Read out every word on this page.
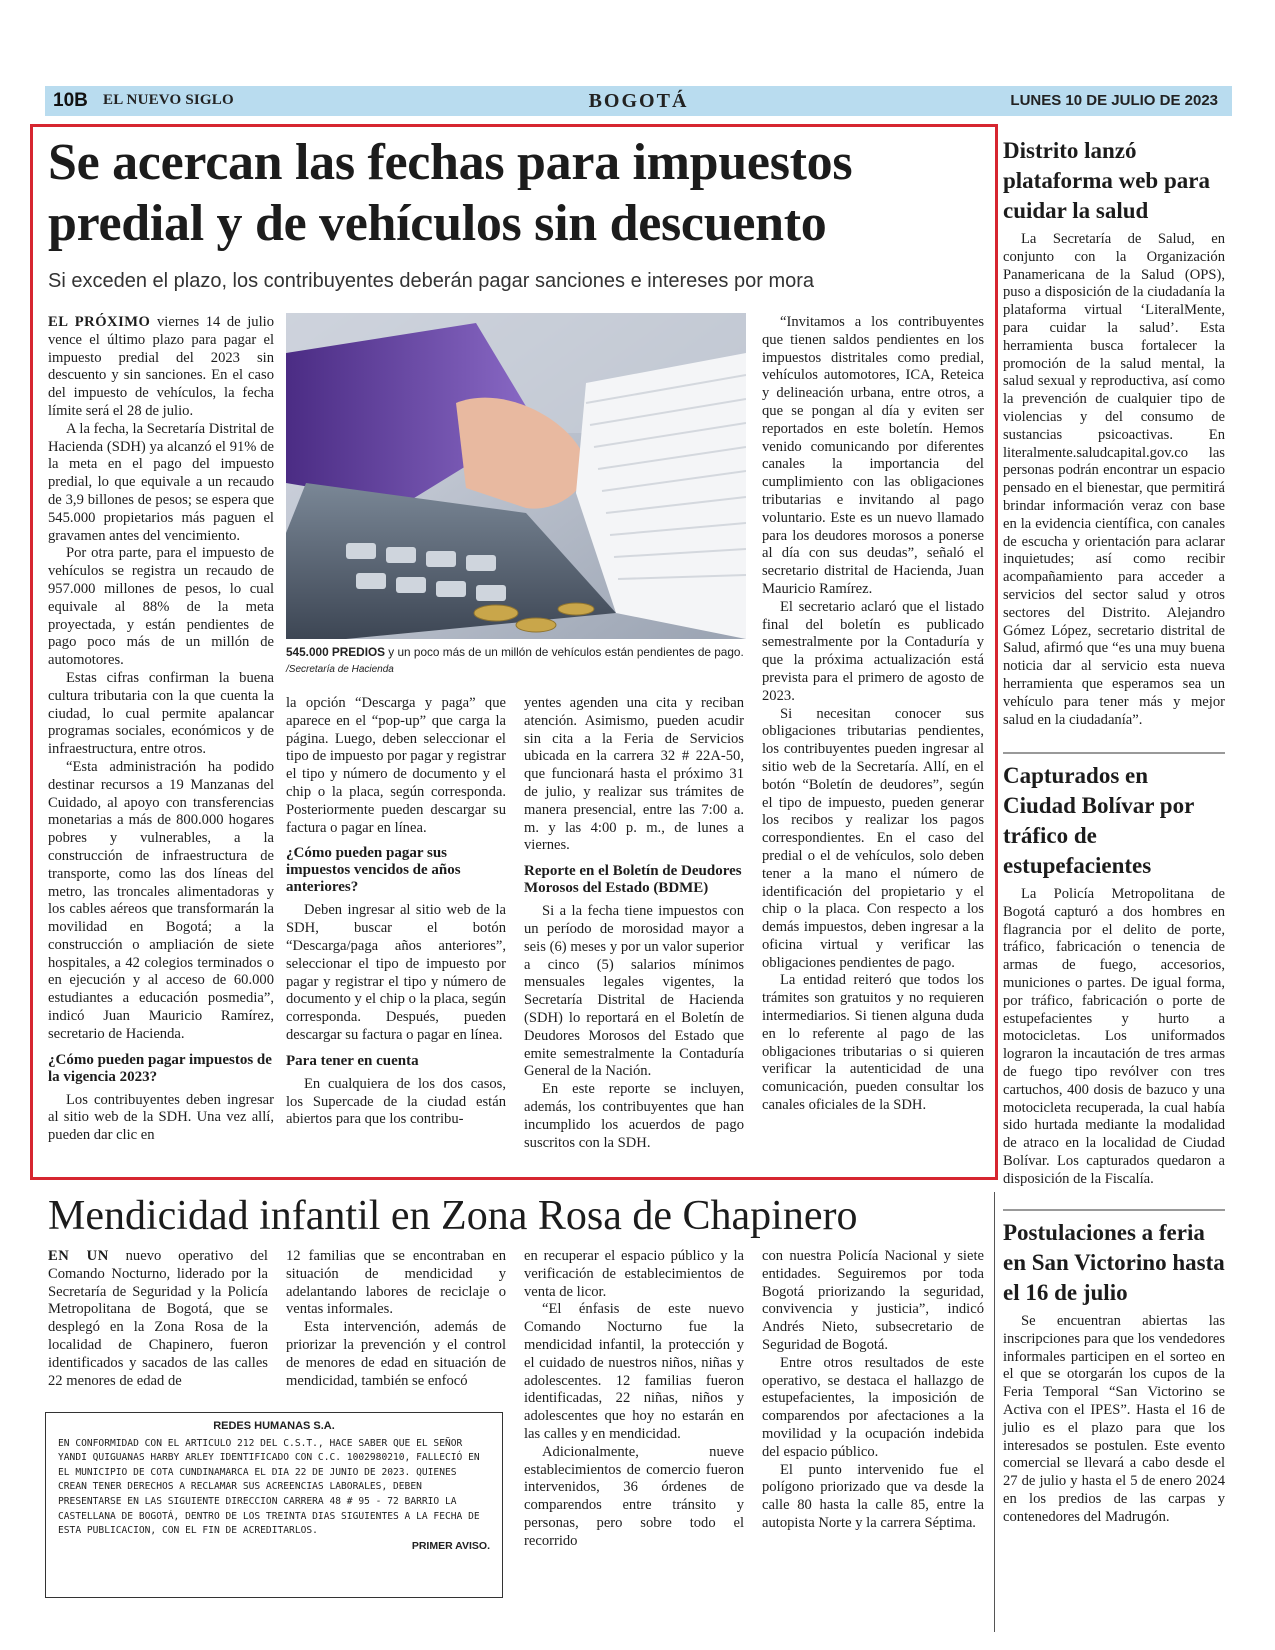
10B EL NUEVO SIGLO	BOGOTÁ	LUNES 10 DE JULIO DE 2023
Se acercan las fechas para impuestos
predial y de vehículos sin descuento
Si exceden el plazo, los contribuyentes deberán pagar sanciones e intereses por mora

EL PRÓXIMO viernes 14 de julio vence el último plazo para pagar el impuesto predial del 2023 sin descuento y sin sanciones. En el caso del impuesto de vehículos, la fecha límite será el 28 de julio.

A la fecha, la Secretaría Distrital de Hacienda (SDH) ya alcanzó el 91% de la meta en el pago del impuesto predial, lo que equivale a un recaudo de 3,9 billones de pesos; se espera que 545.000 propietarios más paguen el gravamen antes del vencimiento.

Por otra parte, para el impuesto de vehículos se registra un recaudo de 957.000 millones de pesos, lo cual equivale al 88% de la meta proyectada, y están pendientes de pago poco más de un millón de automotores.

Estas cifras confirman la buena cultura tributaria con la que cuenta la ciudad, lo cual permite apalancar programas sociales, económicos y de infraestructura, entre otros.

“Esta administración ha podido destinar recursos a 19 Manzanas del Cuidado, al apoyo con transferencias monetarias a más de 800.000 hogares pobres y vulnerables, a la construcción de infraestructura de transporte, como las dos líneas del metro, las troncales alimentadoras y los cables aéreos que transformarán la movilidad en Bogotá; a la construcción o ampliación de siete hospitales, a 42 colegios terminados o en ejecución y al acceso de 60.000 estudiantes a educación posmedia”, indicó Juan Mauricio Ramírez, secretario de Hacienda.

¿Cómo pueden pagar impuestos de la vigencia 2023?

Los contribuyentes deben ingresar al sitio web de la SDH. Una vez allí, pueden dar clic en

545.000 PREDIOS y un poco más de un millón de vehículos están pendientes de pago. /Secretaría de Hacienda

la opción “Descarga y paga” que aparece en el “pop-up” que carga la página. Luego, deben seleccionar el tipo de impuesto por pagar y registrar el tipo y número de documento y el chip o la placa, según corresponda. Posteriormente pueden descargar su factura o pagar en línea.

¿Cómo pueden pagar sus impuestos vencidos de años anteriores?

Deben ingresar al sitio web de la SDH, buscar el botón “Descarga/paga años anteriores”, seleccionar el tipo de impuesto por pagar y registrar el tipo y número de documento y el chip o la placa, según corresponda. Después, pueden descargar su factura o pagar en línea.

Para tener en cuenta

En cualquiera de los dos casos, los Supercade de la ciudad están abiertos para que los contribu-

yentes agenden una cita y reciban atención. Asimismo, pueden acudir sin cita a la Feria de Servicios ubicada en la carrera 32 # 22A-50, que funcionará hasta el próximo 31 de julio, y realizar sus trámites de manera presencial, entre las 7:00 a. m. y las 4:00 p. m., de lunes a viernes.

Reporte en el Boletín de Deudores Morosos del Estado (BDME)

Si a la fecha tiene impuestos con un período de morosidad mayor a seis (6) meses y por un valor superior a cinco (5) salarios mínimos mensuales legales vigentes, la Secretaría Distrital de Hacienda (SDH) lo reportará en el Boletín de Deudores Morosos del Estado que emite semestralmente la Contaduría General de la Nación.

En este reporte se incluyen, además, los contribuyentes que han incumplido los acuerdos de pago suscritos con la SDH.

“Invitamos a los contribuyentes que tienen saldos pendientes en los impuestos distritales como predial, vehículos automotores, ICA, Reteica y delineación urbana, entre otros, a que se pongan al día y eviten ser reportados en este boletín. Hemos venido comunicando por diferentes canales la importancia del cumplimiento con las obligaciones tributarias e invitando al pago voluntario. Este es un nuevo llamado para los deudores morosos a ponerse al día con sus deudas”, señaló el secretario distrital de Hacienda, Juan Mauricio Ramírez.

El secretario aclaró que el listado final del boletín es publicado semestralmente por la Contaduría y que la próxima actualización está prevista para el primero de agosto de 2023.

Si necesitan conocer sus obligaciones tributarias pendientes, los contribuyentes pueden ingresar al sitio web de la Secretaría. Allí, en el botón “Boletín de deudores”, según el tipo de impuesto, pueden generar los recibos y realizar los pagos correspondientes. En el caso del predial o el de vehículos, solo deben tener a la mano el número de identificación del propietario y el chip o la placa. Con respecto a los demás impuestos, deben ingresar a la oficina virtual y verificar las obligaciones pendientes de pago.

La entidad reiteró que todos los trámites son gratuitos y no requieren intermediarios. Si tienen alguna duda en lo referente al pago de las obligaciones tributarias o si quieren verificar la autenticidad de una comunicación, pueden consultar los canales oficiales de la SDH.

Distrito lanzó plataforma web para cuidar la salud

La Secretaría de Salud, en conjunto con la Organización Panamericana de la Salud (OPS), puso a disposición de la ciudadanía la plataforma virtual ‘LiteralMente, para cuidar la salud’. Esta herramienta busca fortalecer la promoción de la salud mental, la salud sexual y reproductiva, así como la prevención de cualquier tipo de violencias y del consumo de sustancias psicoactivas. En literalmente.saludcapital.gov.co las personas podrán encontrar un espacio pensado en el bienestar, que permitirá brindar información veraz con base en la evidencia científica, con canales de escucha y orientación para aclarar inquietudes; así como recibir acompañamiento para acceder a servicios del sector salud y otros sectores del Distrito. Alejandro Gómez López, secretario distrital de Salud, afirmó que “es una muy buena noticia dar al servicio esta nueva herramienta que esperamos sea un vehículo para tener más y mejor salud en la ciudadanía”.

Capturados en Ciudad Bolívar por tráfico de estupefacientes

La Policía Metropolitana de Bogotá capturó a dos hombres en flagrancia por el delito de porte, tráfico, fabricación o tenencia de armas de fuego, accesorios, municiones o partes. De igual forma, por tráfico, fabricación o porte de estupefacientes y hurto a motocicletas. Los uniformados lograron la incautación de tres armas de fuego tipo revólver con tres cartuchos, 400 dosis de bazuco y una motocicleta recuperada, la cual había sido hurtada mediante la modalidad de atraco en la localidad de Ciudad Bolívar. Los capturados quedaron a disposición de la Fiscalía.

Postulaciones a feria en San Victorino hasta el 16 de julio

Se encuentran abiertas las inscripciones para que los vendedores informales participen en el sorteo en el que se otorgarán los cupos de la Feria Temporal “San Victorino se Activa con el IPES”. Hasta el 16 de julio es el plazo para que los interesados se postulen. Este evento comercial se llevará a cabo desde el 27 de julio y hasta el 5 de enero 2024 en los predios de las carpas y contenedores del Madrugón.

Mendicidad infantil en Zona Rosa de Chapinero

EN UN nuevo operativo del Comando Nocturno, liderado por la Secretaría de Seguridad y la Policía Metropolitana de Bogotá, que se desplegó en la Zona Rosa de la localidad de Chapinero, fueron identificados y sacados de las calles 22 menores de edad de

12 familias que se encontraban en situación de mendicidad y adelantando labores de reciclaje o ventas informales.

Esta intervención, además de priorizar la prevención y el control de menores de edad en situación de mendicidad, también se enfocó

en recuperar el espacio público y la verificación de establecimientos de venta de licor.

“El énfasis de este nuevo Comando Nocturno fue la mendicidad infantil, la protección y el cuidado de nuestros niños, niñas y adolescentes. 12 familias fueron identificadas, 22 niñas, niños y adolescentes que hoy no estarán en las calles y en mendicidad.

Adicionalmente, nueve establecimientos de comercio fueron intervenidos, 36 órdenes de comparendos entre tránsito y personas, pero sobre todo el recorrido

con nuestra Policía Nacional y siete entidades. Seguiremos por toda Bogotá priorizando la seguridad, convivencia y justicia”, indicó Andrés Nieto, subsecretario de Seguridad de Bogotá.

Entre otros resultados de este operativo, se destaca el hallazgo de estupefacientes, la imposición de comparendos por afectaciones a la movilidad y la ocupación indebida del espacio público.

El punto intervenido fue el polígono priorizado que va desde la calle 80 hasta la calle 85, entre la autopista Norte y la carrera Séptima.

REDES HUMANAS S.A.
EN CONFORMIDAD CON EL ARTICULO 212 DEL C.S.T., HACE SABER QUE EL SEÑOR YANDI QUIGUANAS HARBY ARLEY IDENTIFICADO CON C.C. 1002980210, FALLECIÓ EN EL MUNICIPIO DE COTA CUNDINAMARCA EL DIA 22 DE JUNIO DE 2023. QUIENES CREAN TENER DERECHOS A RECLAMAR SUS ACREENCIAS LABORALES, DEBEN PRESENTARSE EN LAS SIGUIENTE DIRECCION CARRERA 48 # 95 - 72 BARRIO LA CASTELLANA DE BOGOTÁ, DENTRO DE LOS TREINTA DIAS SIGUIENTES A LA FECHA DE ESTA PUBLICACION, CON EL FIN DE ACREDITARLOS.
PRIMER AVISO.
